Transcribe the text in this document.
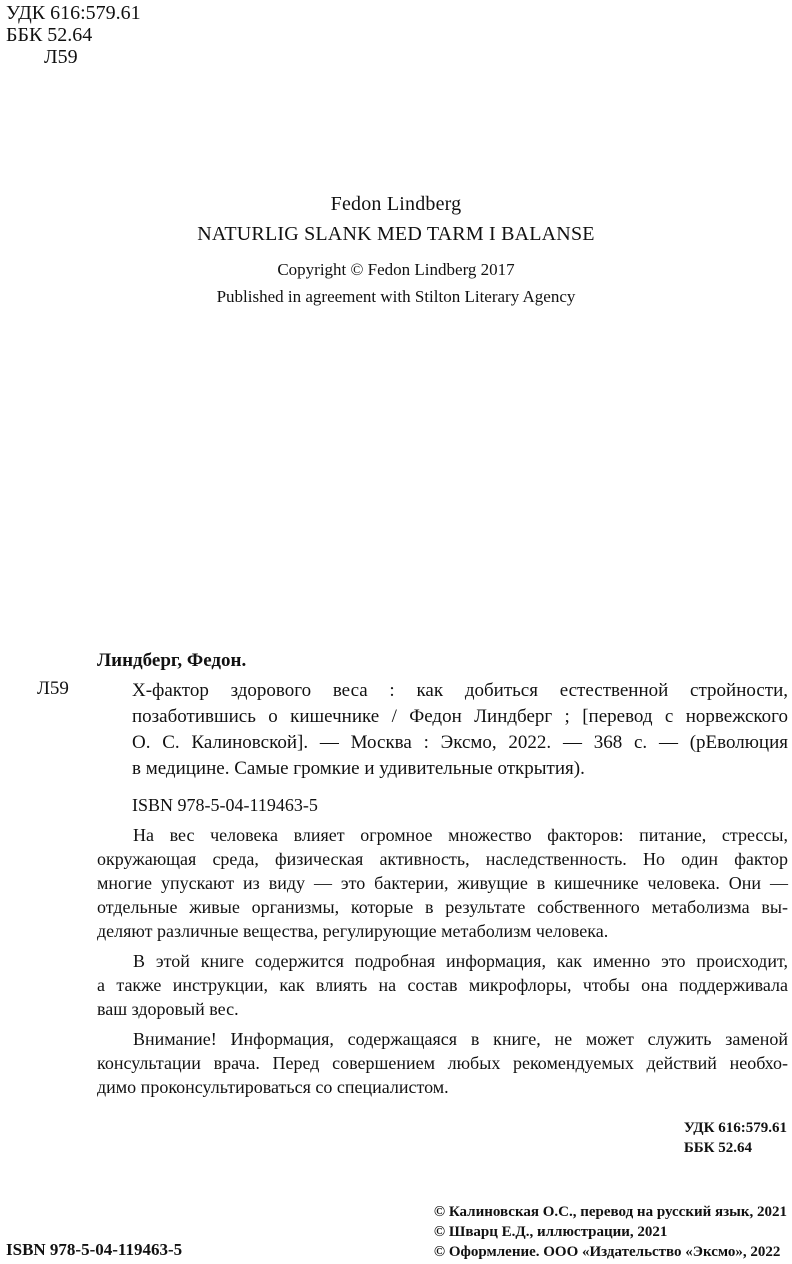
УДК 616:579.61
ББК 52.64
Л59
Fedon Lindberg
NATURLIG SLANK MED TARM I BALANSE
Copyright © Fedon Lindberg 2017
Published in agreement with Stilton Literary Agency
Линдберг, Федон.
Л59	Х-фактор здорового веса : как добиться естественной стройности,
позаботившись о кишечнике / Федон Линдберг ; [перевод с норвежского
О. С. Калиновской]. — Москва : Эксмо, 2022. — 368 с. — (рЕволюция
в медицине. Самые громкие и удивительные открытия).
ISBN 978-5-04-119463-5
На вес человека влияет огромное множество факторов: питание, стрессы,
окружающая среда, физическая активность, наследственность. Но один фактор
многие упускают из виду — это бактерии, живущие в кишечнике человека. Они —
отдельные живые организмы, которые в результате собственного метаболизма вы-
деляют различные вещества, регулирующие метаболизм человека.
В этой книге содержится подробная информация, как именно это происходит,
а также инструкции, как влиять на состав микрофлоры, чтобы она поддерживала
ваш здоровый вес.
Внимание! Информация, содержащаяся в книге, не может служить заменой
консультации врача. Перед совершением любых рекомендуемых действий необхо-
димо проконсультироваться со специалистом.
УДК 616:579.61
ББК 52.64
© Калиновская О.С., перевод на русский язык, 2021
© Шварц Е.Д., иллюстрации, 2021
© Оформление. ООО «Издательство «Эксмо», 2022
ISBN 978-5-04-119463-5
